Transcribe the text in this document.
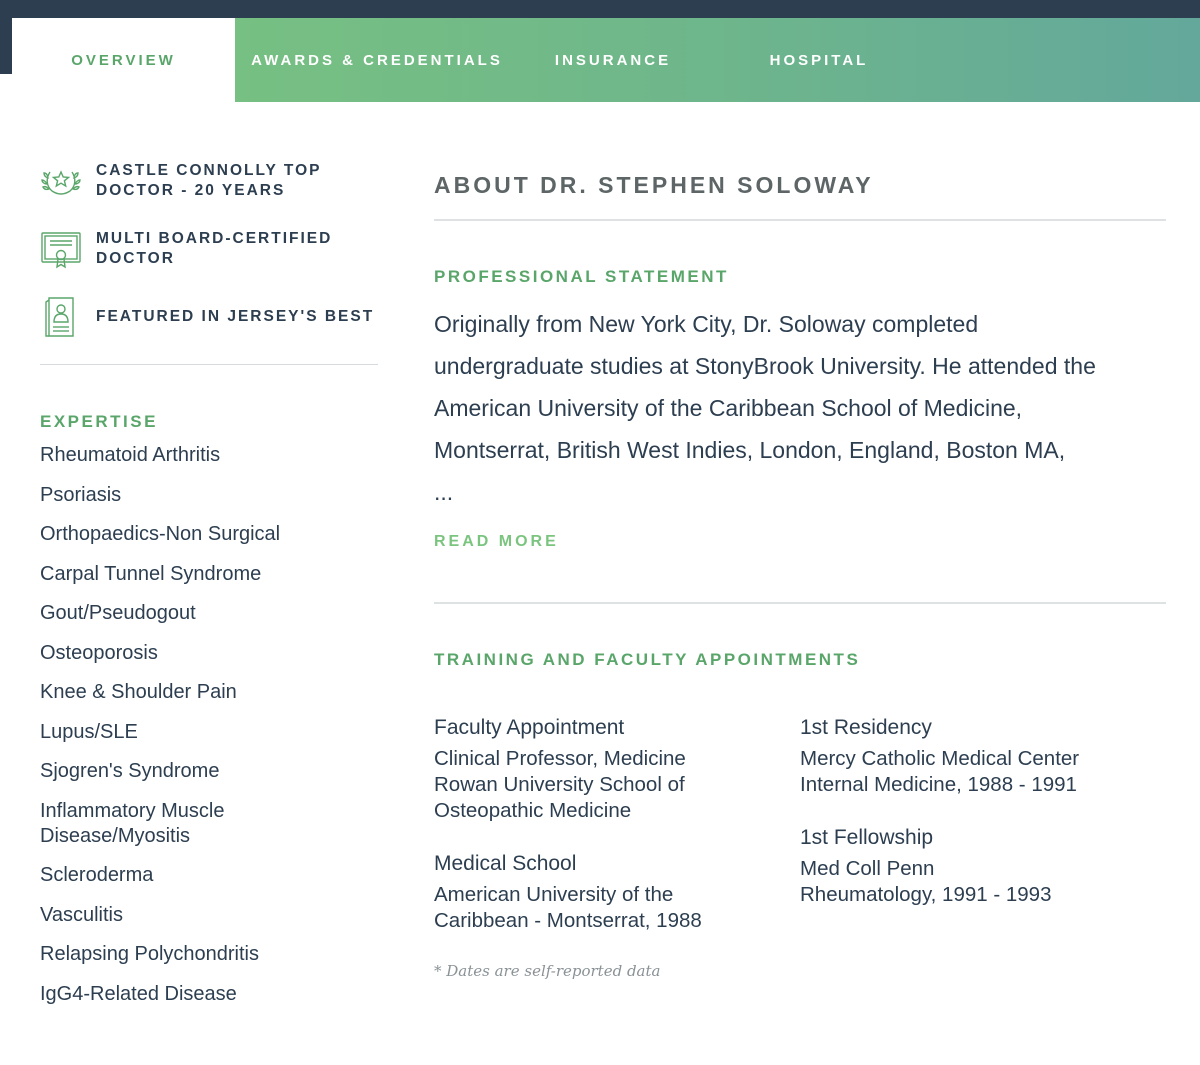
OVERVIEW	AWARDS & CREDENTIALS	INSURANCE	HOSPITAL
CASTLE CONNOLLY TOP
DOCTOR - 20 YEARS
MULTI BOARD-CERTIFIED
DOCTOR
FEATURED IN JERSEY'S BEST
EXPERTISE
Rheumatoid Arthritis
Psoriasis
Orthopaedics-Non Surgical
Carpal Tunnel Syndrome
Gout/Pseudogout
Osteoporosis
Knee & Shoulder Pain
Lupus/SLE
Sjogren's Syndrome
Inflammatory Muscle Disease/Myositis
Scleroderma
Vasculitis
Relapsing Polychondritis
IgG4-Related Disease
ABOUT DR. STEPHEN SOLOWAY
PROFESSIONAL STATEMENT
Originally from New York City, Dr. Soloway completed
undergraduate studies at StonyBrook University. He attended the
American University of the Caribbean School of Medicine,
Montserrat, British West Indies, London, England, Boston MA,
...
READ MORE
TRAINING AND FACULTY APPOINTMENTS
Faculty Appointment
Clinical Professor, Medicine
Rowan University School of
Osteopathic Medicine
Medical School
American University of the
Caribbean - Montserrat, 1988
* Dates are self-reported data
1st Residency
Mercy Catholic Medical Center
Internal Medicine, 1988 - 1991
1st Fellowship
Med Coll Penn
Rheumatology, 1991 - 1993
